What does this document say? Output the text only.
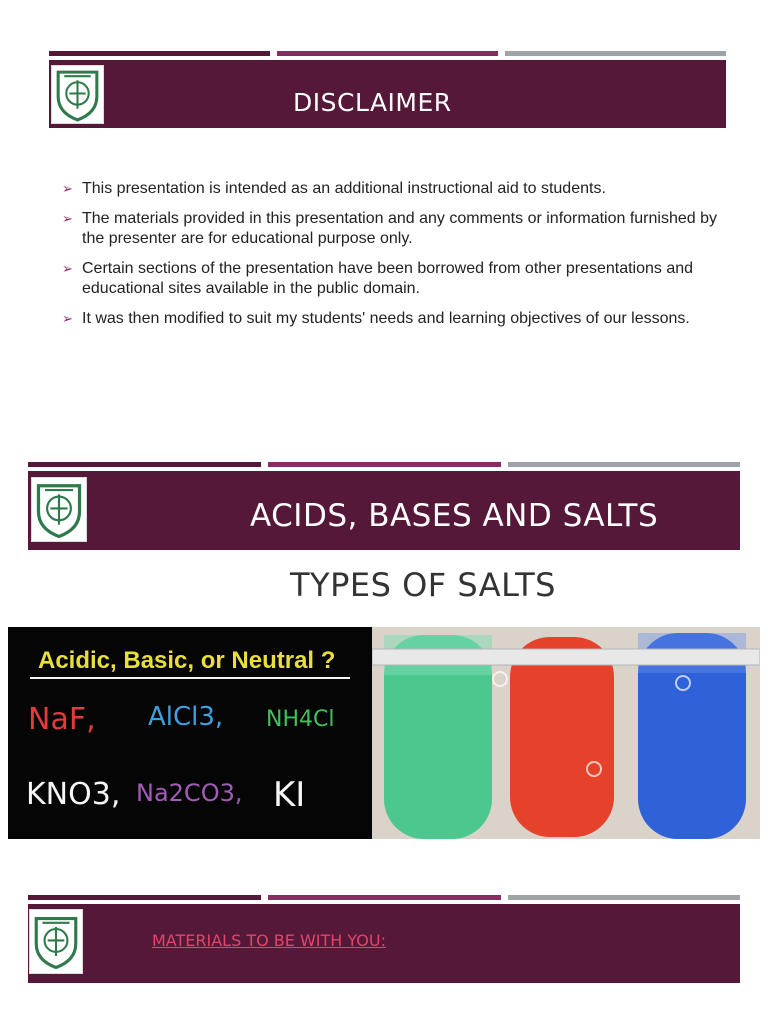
DISCLAIMER
➢ This presentation is intended as an additional instructional aid to students.
➢ The materials provided in this presentation and any comments or information furnished by the presenter are for educational purpose only.
➢ Certain sections of the presentation have been borrowed from other presentations and educational sites available in the public domain.
➢ It was then modified to suit my students' needs and learning objectives of our lessons.
ACIDS, BASES AND SALTS
TYPES OF SALTS
Acidic, Basic, or Neutral ?
NaF, AlCl3, NH4Cl
KNO3, Na2CO3, KI
MATERIALS TO BE WITH YOU:
